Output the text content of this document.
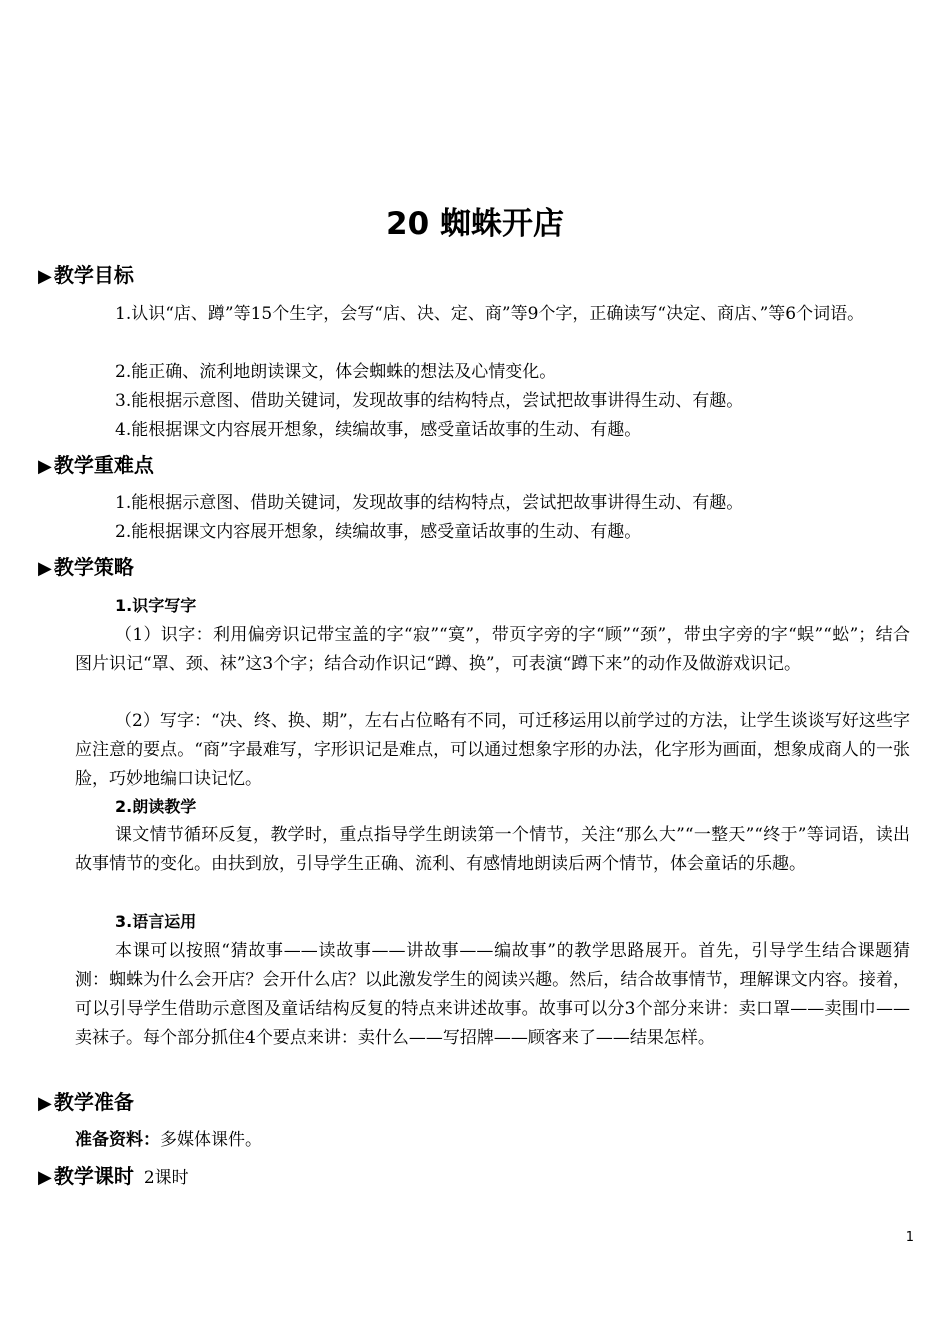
20 蜘蛛开店
▶ 教学目标
1.认识“店、蹲”等15个生字，会写“店、决、定、商”等9个字，正确读写“决定、商店、”等6个词语。
2.能正确、流利地朗读课文，体会蜘蛛的想法及心情变化。
3.能根据示意图、借助关键词，发现故事的结构特点，尝试把故事讲得生动、有趣。
4.能根据课文内容展开想象，续编故事，感受童话故事的生动、有趣。
▶ 教学重难点
1.能根据示意图、借助关键词，发现故事的结构特点，尝试把故事讲得生动、有趣。
2.能根据课文内容展开想象，续编故事，感受童话故事的生动、有趣。
▶ 教学策略
1.识字写字
（1）识字：利用偏旁识记带宝盖的字“寂”“寞”，带页字旁的字“顾”“颈”，带虫字旁的字“蜈”“蚣”；结合图片识记“罩、颈、袜”这3个字；结合动作识记“蹲、换”，可表演“蹲下来”的动作及做游戏识记。
（2）写字：“决、终、换、期”，左右占位略有不同，可迁移运用以前学过的方法，让学生谈谈写好这些字应注意的要点。“商”字最难写，字形识记是难点，可以通过想象字形的办法，化字形为画面，想象成商人的一张脸，巧妙地编口诀记忆。
2.朗读教学
课文情节循环反复，教学时，重点指导学生朗读第一个情节，关注“那么大”“一整天”“终于”等词语，读出故事情节的变化。由扶到放，引导学生正确、流利、有感情地朗读后两个情节，体会童话的乐趣。
3.语言运用
本课可以按照“猜故事——读故事——讲故事——编故事”的教学思路展开。首先，引导学生结合课题猜测：蜘蛛为什么会开店？会开什么店？以此激发学生的阅读兴趣。然后，结合故事情节，理解课文内容。接着，可以引导学生借助示意图及童话结构反复的特点来讲述故事。故事可以分3个部分来讲：卖口罩——卖围巾——卖袜子。每个部分抓住4个要点来讲：卖什么——写招牌——顾客来了——结果怎样。
▶ 教学准备
准备资料：多媒体课件。
▶ 教学课时 2课时
1
